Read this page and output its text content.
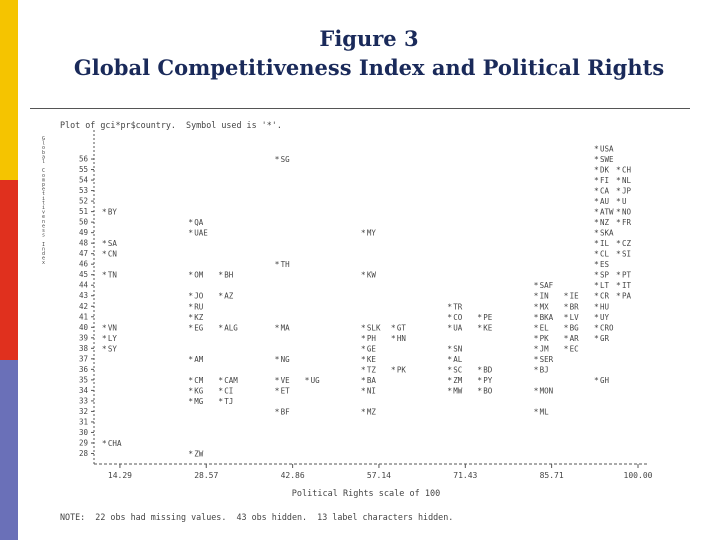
Figure 3
Global Competitiveness Index and Political Rights
Plot of gci*pr$country.  Symbol used is '*'.
G
l
o
b
a
l
C
o
m
p
e
t
i
t
i
v
e
n
e
s
s
I
n
d
e
x
56
55
54
53
52
51
50
49
48
47
46
45
44
43
42
41
40
39
38
37
36
35
34
33
32
31
30
29
28
14.29	28.57	42.86	57.14	71.43	85.71	100.00
Political Rights scale of 100
* USA
* SG	* SWE
* DK * CH
* FI * NL
* CA * JP
* AU * U
* BY	* ATW * NO
* QA	* NZ * FR
* UAE	* MY	* SKA
* SA	* IL * CZ
* CN	* CL * SI
* TH	* ES
* TN	* OM * BH	* KW	* SP * PT
* SAF	* LT * IT
* JO * AZ	* IN * IE * CR * PA
* RU	* TR	* MX * BR * HU
* KZ	* CO * PE	* BKA * LV * UY
* VN	* EG * ALG	* MA	* SLK * GT	* UA * KE	* EL * BG * CRO
* LY	* PH * HN	* PK * AR * GR
* SY	* GE	* SN	* JM * EC
* AM	* NG	* KE	* AL	* SER
* TZ * PK	* SC * BD	* BJ
* CM * CAM	* VE * UG	* BA	* ZM * PY	* GH
* KG * CI	* ET	* NI	* MW * BO	* MON
* MG * TJ
* BF	* MZ	* ML
* CHA
* ZW
NOTE:  22 obs had missing values.  43 obs hidden.  13 label characters hidden.
